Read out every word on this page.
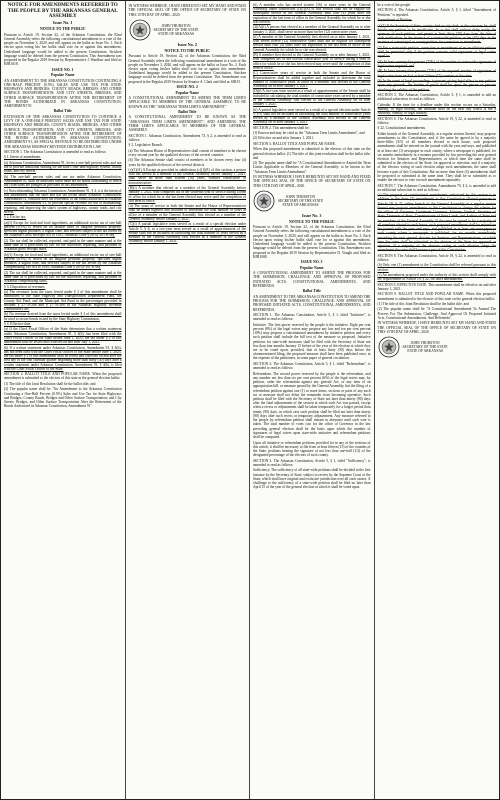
NOTICE FOR AMENDMENTS REFERRED TO THE PEOPLE BY THE ARKANSAS GENERAL ASSEMBLY
Issue No. 1
NOTICE TO THE PUBLIC

Pursuant to Article 19, Section 22, of the Arkansas Constitution, the 92nd General Assembly refers the following constitutional amendment to a vote of the people on November 3, 2020, and will appear on the ballot as Issue No. 1. Each elector upon voting his/ her ballot shall vote for or against this amendment. Underlined language would be added to the present Constitution. Stricken language would be deleted from the present Constitution. This Amendment was proposed in the Regular 2019 Session by Representative J. Wardlaw and filed as HJR1018.

ISSUE NO. 1
Popular Name

AN AMENDMENT TO THE ARKANSAS CONSTITUTION CONTINUING A ONE-HALF PERCENT (0.5%) SALES AND USE TAX FOR STATE HIGHWAYS AND BRIDGES; COUNTY ROADS, BRIDGES AND OTHER SURFACE TRANSPORTATION; AND CITY STREETS, BRIDGES, AND OTHER SURFACE TRANSPORTATION AFTER THE RETIREMENT OF THE BONDS AUTHORIZED IN ARKANSAS CONSTITUTION, AMENDMENT 91

Ballot Title

EXTENSION OF THE ARKANSAS CONSTITUTION TO CONTINUE A LEVY OF A ONE-HALF PERCENT SALES AND USE TAX FOR STATE HIGHWAYS AND BRIDGES; COUNTY ROADS, BRIDGES, AND OTHER SURFACE TRANSPORTATION; AND CITY STREETS, BRIDGES, AND OTHER SURFACE TRANSPORTATION AFTER THE RETIREMENT OF THE BONDS AUTHORIZED IN ARKANSAS CONSTITUTION, AMENDMENT 91, AS SPECIAL REVENUE TO BE DISTRIBUTED UNDER THE ARKANSAS HIGHWAY REVENUE DISTRIBUTION LAW

SECTION 1. The Arkansas Constitution is amended to read as follows:

§ 1. Intent of amendment.

(a) Arkansas Constitution, Amendment 91, levies a one-half percent sales and use tax to provide additional funding for the state's four-lane highway system, county roads, and city streets.

(b) The one-half percent sales and use tax under Arkansas Constitution, Amendment 91, shall be abolished when there are no bonds outstanding to which tax collections are pledged as provided in this amendment.

(c) Notwithstanding Arkansas Constitution, Amendment 91, § 4, it is the intent of this amendment that the sales and use tax levied under Arkansas Constitution, Amendment 91, continue after the retirement of the bonds authorized in Arkansas Constitution, Amendment 91, to provide special revenue for use of maintaining, repairing, and improving the state's system of highways, county roads, and city streets.

§ 2. Excise tax.

(a)(1) Except for food and food ingredients, an additional excise tax of one-half percent (0.5%) is levied on all taxable sales of tangible personal property, specified digital products, a digital code, and services subject to the tax levied by the Arkansas Gross Receipts Act of 1941, Arkansas Code § 26-52-101 et seq.

(2) The tax shall be collected, reported, and paid in the same manner and at the same time as is prescribed by law for the collection, reporting, and payment of Arkansas gross receipts taxes.

(b)(1) Except for food and food ingredients, an additional excise tax of one-half percent (0.5%) is levied on all tangible personal property, specified digital products, a digital code, and services subject to the tax levied by the Arkansas Compensating Tax Act of 1949, Arkansas Code § 26-53-101 et seq.

(2) The tax shall be collected, reported, and paid in the same manner and at the same time as is prescribed by law for the collection, reporting, and payment of Arkansas compensating taxes.

§ 3. Disposition of revenues.

(a) The revenues from the taxes levied under § 2 of this amendment shall be distributed to the State Highway and Transportation Department Fund, the County Aid Fund, and the Municipal Aid Fund in the percentages provided in sections § 27-70-206 and § 27-70-206 of the Arkansas Highway Revenue Distribution Law.

(b) No revenue derived from the taxes levied under § 2 of this amendment shall be used to secure bonds issued by the State Highway Commission.

§ 4. Effective date.

(a) If the Chief Fiscal Officer of the State determines that a written statement under Arkansas Constitution, Amendment 91, § 4(b), has been filed with the Chief Fiscal Officer of the State before June 1, 2023, the tax under § 2 of this amendment shall be levied and collected on and after July 1, 2023.

(b) If a written statement under Arkansas Constitution, Amendment 91, § 4(b), has not been filed with the Chief Fiscal Officer of the State before June 1, 2023, the tax under § 2 of this amendment shall be levied and collected on and after the first day of the first calendar quarter beginning more than thirty (30) days after a written statement under Arkansas Constitution, Amendment 91, § 4(b), is filed with the Chief Fiscal Officer of the State.

SECTION 2. BALLOT TITLE AND POPULAR NAME. When the proposed amendment is submitted to the electors of this state at the general election ballot:

(1) The title of this Joint Resolution shall be the ballot title; and

(2) The popular name shall be "An Amendment to the Arkansas Constitution Continuing a One-Half Percent (0.5%) Sales and Use Tax for State Highways and Bridges; County Roads, Bridges and Other Surface Transportation; and City Streets, Bridges, and Other Surface Transportation After the Retirement of the Bonds Authorized in Arkansas Constitution, Amendment 91".

IN WITNESS WHEREOF, I HAVE HEREUNTO SET MY HAND AND FIXED THE OFFICIAL SEAL OF THE OFFICE OF SECRETARY OF STATE ON THIS 15TH DAY OF APRIL, 2020.

JOHN THURSTON
SECRETARY OF THE STATE
STATE OF ARKANSAS
Issue No. 2
NOTICE TO THE PUBLIC

Pursuant to Article 19, Section 22, of the Arkansas Constitution, the 92nd General Assembly refers the following constitutional amendment to a vote of the people on November 3, 2020, and will appear on the ballot as Issue No. 2. Each elector upon voting his/her ballot shall vote for or against this amendment. Underlined language would be added to the present Constitution. Stricken language would be deleted from the present Constitution. This Amendment was proposed in the Regular 2019 Session by Senator A. Clark and filed as SJR15.

ISSUE NO. 2
Popular Name

A CONSTITUTIONAL AMENDMENT TO AMEND THE TERM LIMITS APPLICABLE TO MEMBERS OF THE GENERAL ASSEMBLY; TO BE KNOWN AS THE "ARKANSAS TERM LIMITS AMENDMENT"

Ballot Title

A CONSTITUTIONAL AMENDMENT TO BE KNOWN AS THE "ARKANSAS TERM LIMITS AMENDMENT"; AND AMENDING THE TERM LIMITS APPLICABLE TO MEMBERS OF THE GENERAL ASSEMBLY.

SECTION 1. Arkansas Constitution, Amendment 73, § 2, is amended to read as follows:

§ 2. Legislative Branch.

(a) The Arkansas House of Representatives shall consist of members to be chosen every second year by the qualified electors of the several counties.

(b) The Arkansas Senate shall consist of members to be chosen every four (4) years by the qualified electors of the several districts.

(c)(1)(A) A Except as provided in subdivision (c)(1)(E) of this section, a person who has served as a member of the General Assembly before January 1, 2021, shall serve no more than sixteen (16) years, whether consecutive or nonconsecutive.

(B)(i) A member that elected as a member of the General Assembly before January 1, 2021, who completes his or her sixteenth year of service during a term of office for which he or she has been elected may serve until the completion of that term of office.

(ii) The years of service in both the Senate and the House of Representatives shall be added together and included to determine the total number of years in office of a member of the General Assembly first elected as a member of the General Assembly before January 1, 2021.

(C)(i) A partial legislative term served as a result of a special election under Article 5, § 6, or a two-year term served as a result of apportionment of the Senate shall not be included in calculating the total number of years served by a member of the General Assembly first elected as a member of the General Assembly before January 1, 2021.

(ii) A member who has served sixteen (16) or more years in the General Assembly under subdivision (c)(1)(A) of this section shall not be eligible for subsequent service in the General Assembly until four (4) years after the expiration of the last term of office in the General Assembly for which he or she was elected.

(2)(A)(i) A person first elected as a member of the General Assembly on or after January 1, 2021, shall serve no more than twelve (12) consecutive years.

(ii) A member of the General Assembly first elected on or after January 1, 2021, who serves twelve (12) consecutive years shall not be eligible for subsequent service until four (4) years after the expiration of the last term of office in the General Assembly for which he or she was elected.

(B) A member first elected to the General Assembly on or after January 1, 2021, who completes his or her twelfth consecutive year of service during a term of office for which he or she has been elected may serve until the completion of that term of office.

(C) Consecutive years of service in both the Senate and the House of Representatives shall be added together and included to determine the total number of consecutive years in office of a member first elected to the General Assembly on or after January 1, 2021.

(D)(i) A two-year term served as a result of apportionment of the Senate shall be included in calculating the total number of consecutive years served by a member of the General Assembly first elected to the General Assembly on or after January 1, 2021.

(ii) A partial legislative term served as a result of a special election under Article 5, § 6, shall not be included in calculating the total number of consecutive years served by a member of the General Assembly first elected to the General Assembly on or after January 1, 2021.

SECTION 2. This amendment shall be:

(1) Known and may be cited as the "Arkansas Term Limits Amendment"; and

(2) Effective on and after January 1, 2021.

SECTION 3. BALLOT TITLE AND POPULAR NAME.

When this proposed amendment is submitted to the electors of this state on the general election ballot: (1) The title of this joint resolution shall be the ballot title; and

(2) The popular name shall be "A Constitutional Amendment to Amend the Term Limits Applicable to Members of the General Assembly; to be known as the "Arkansas Term Limits Amendment".

IN WITNESS WHEREOF, I HAVE HEREUNTO SET MY HAND AND FIXED THE OFFICIAL SEAL OF THE OFFICE OF SECRETARY OF STATE ON THIS 15TH DAY OF APRIL, 2020.

JOHN THURSTON
SECRETARY OF THE STATE
STATE OF ARKANSAS
Issue No. 3
NOTICE TO THE PUBLIC

Pursuant to Article 19, Section 22, of the Arkansas Constitution, the 92nd General Assembly refers the following constitutional amendment to a vote of the people on November 3, 2020, and will appear on the ballot as Issue No. 3. Each elector upon voting his/her ballot shall vote for or against this amendment. Underlined language would be added to the present Constitution. Stricken language would be deleted from the present Constitution. This Amendment was proposed in the Regular 2019 Session by Representative D. Vaught and filed as HJR1008.

ISSUE NO. 3
Popular Name

A CONSTITUTIONAL AMENDMENT TO AMEND THE PROCESS FOR THE SUBMISSION, CHALLENGE, AND APPROVAL OF PROPOSED INITIATED ACTS, CONSTITUTIONAL AMENDMENTS, AND REFERENDA

Ballot Title

AN AMENDMENT TO THE ARKANSAS CONSTITUTION TO AMEND THE PROCESS FOR THE SUBMISSION, CHALLENGE, AND APPROVAL OF PROPOSED INITIATED ACTS, CONSTITUTIONAL AMENDMENTS, AND REFERENDA.

SECTION 1. The Arkansas Constitution, Article 5, § 1, titled "Initiative", is amended to read as follows:

Initiative. The first power reserved by the people is the initiative. Eight per cent percent (8%) of the legal voters may propose any law and ten per cent percent (10%) may propose a constitutional amendment by initiative petition and every such petition shall include the full text of the measure so proposed. Initiative petitions for state-wide measures shall be filed with the Secretary of State not less than four months January 15 before of the year of the election at which they are to be voted upon; provided, that at least thirty (30) days before the aforementioned filing, the proposed measure shall have been published once, at the expense of the petitioners, in some paper of general circulation.

SECTION 2. The Arkansas Constitution, Article 5, § 1, titled "Referendum", is amended to read as follows:

Referendum. The second power reserved by the people is the referendum, and any number not less than six per cent percent (6%) of the legal voters may, by petition, order the referendum against any general Act, or any item of an appropriation bill, or measure passed by the General Assembly, but the filing of a referendum petition against one (1) or more items, sections or parts of any such act or measure shall not delay the remainder from becoming operative. Such petition shall be filed with the Secretary of State not later than ninety (90) days after the final adjournment of the session at which such Act was passed, except when a recess or adjournment shall be taken temporarily for a longer period than ninety (90) days, in which case such petition shall be filed not later than ninety (90) days after such recess or temporary adjournment. Any measure referred to the people by referendum petition shall remain in abeyance until such vote is taken. The total number of votes cast for the office of Governor in the last preceding general election shall be the basis upon which the number of signatures of legal voters upon state-wide initiative and referendum petitions shall be computed.

Upon all initiative or referendum petitions provided for in any of the sections of this article, it shall be necessary to file from at least fifteen (15) of the counties of the State, petitions bearing the signature of not less than one-half (1/2) of the designated percentage of the electors of such county.

SECTION 3. The Arkansas Constitution, Article 5, § 1, titled "Sufficiency", is amended to read as follows:

Sufficiency. The sufficiency of all state-wide petitions shall be decided in the first instance by the Secretary of State, subject to review by the Supreme Court of the State, which shall have original and exclusive jurisdiction over all such causes. A challenge to the sufficiency of a state-wide petition shall be filed no later than April 15 of the year of the general election at which it shall be voted upon.

be a vote of the people.

SECTION 4. The Arkansas Constitution, Article 5, § 1, titled "Amendment of Petitions" is repealed.

Amendment of Petition.

(a)(1) If the Secretary of State, county clerk or city clerk, as the case may be, shall decide any petition to be insufficient, he or she shall without delay notify the sponsors of such petition, and permit at least thirty (30) days from the date of such notification, in the instance of a state-wide petition, or ten (10) days in the instance of a municipal or county petition, for correction or amendment.

(2) For a state-wide petition, correction or amendment of an insufficient petition shall be permitted only if the petition contains valid signatures of legal voters equal to:

(A) At least seventy-five percent (75%) of the number of state-wide signatures of legal voters required; and

(B) At least seventy-five percent (75%) of the required number of signatures of legal voters from each of at least fifteen (15) counties of the state.

(b) In the event of legal proceedings to prevent giving legal effect to any petition upon any grounds, the burden of proof shall be upon the person or persons attacking the validity of the petition.

SECTION 5. The Arkansas Constitution, Article 5, § 1, is amended to add an additional subsection to read as follows:

Calendar. If the time for a deadline under this section occurs on a Saturday, Sunday, or legal holiday, the deadline shall be the next day which is not a Saturday, Sunday, or legal holiday.

SECTION 6. The Arkansas Constitution, Article 19, § 22, is amended to read as follows:

§ 22. Constitutional amendments.

Either branch of the General Assembly, at a regular session thereof, may propose amendments to this Constitution, and, if the same be agreed to by a majority three-fifths (3/5) of all members elected to each house, such proposed amendments shall be entered on the journal with the yeas and nays, and published in at least one (1) newspaper in each county, where a newspaper is published, for six months immediately in a manner provided by law preceding the next general election for Senators and Representatives, at which time the same shall be submitted to the electors of the State, for approval or rejection; and if a majority of the electors voting at such election adopt such amendments, the same shall become a part of this Constitution. But no more than three (3) amendments shall be proposed or submitted at the same time. They shall be so submitted as to enable the electors to vote on each amendment separately.

SECTION 7. The Arkansas Constitution, Amendment 70, § 2, is amended to add an additional subsection to read as follows:

(c) The proposal of constitutional amendments authorized by this section is in addition to the three (3) amendments to this Constitution allowed pursuant to Article 19, § 22, either branch of the General Assembly at a regular session thereof may propose amendments to this Constitution to change the salaries for the offices of Governor, Lieutenant Governor, Attorney General, Secretary of State, Treasurer of State, Commissioner of State Lands, and Auditor of State and for members of the General Assembly. If the same be agreed to by a majority of all members elected to each house, such proposed amendment shall be entered on the journal with the yeas and nays, and published in at least one newspaper in each county where a newspaper is published, for six months immediately preceding the next general election for Senators and Representatives, at which time the same shall be submitted to the electors of the State for approval or rejection. If a majority of the electors voting at such election adopt the amendment the same shall become a part of this Constitution.

SECTION 8. The Arkansas Constitution, Article 19, § 22, is amended to read as follows:

(b) Only one (1) amendment to the Constitution shall be referred pursuant to this section.

(c) An amendment proposed under the authority of this section shall comply with the requirements of Article 19, § 22, for other amendments.

SECTION 9. EFFECTIVE DATE. This amendment shall be effective on and after January 1, 2021.

SECTION 9. BALLOT TITLE AND POPULAR NAME. When this proposed amendment is submitted to the electors of this state on the general election ballot:

(1) The title of this Joint Resolution shall be the ballot title; and

(2) The popular name shall be "A Constitutional Amendment To Amend The Process For The Submission, Challenge, And Approval Of Proposed Initiated Acts, Constitutional Amendments, And Referenda".

IN WITNESS WHEREOF, I HAVE HEREUNTO SET MY HAND AND FIXED THE OFFICIAL SEAL OF THE OFFICE OF SECRETARY OF STATE ON THIS 15TH DAY OF APRIL, 2020.

JOHN THURSTON
SECRETARY OF THE STATE
STATE OF ARKANSAS
